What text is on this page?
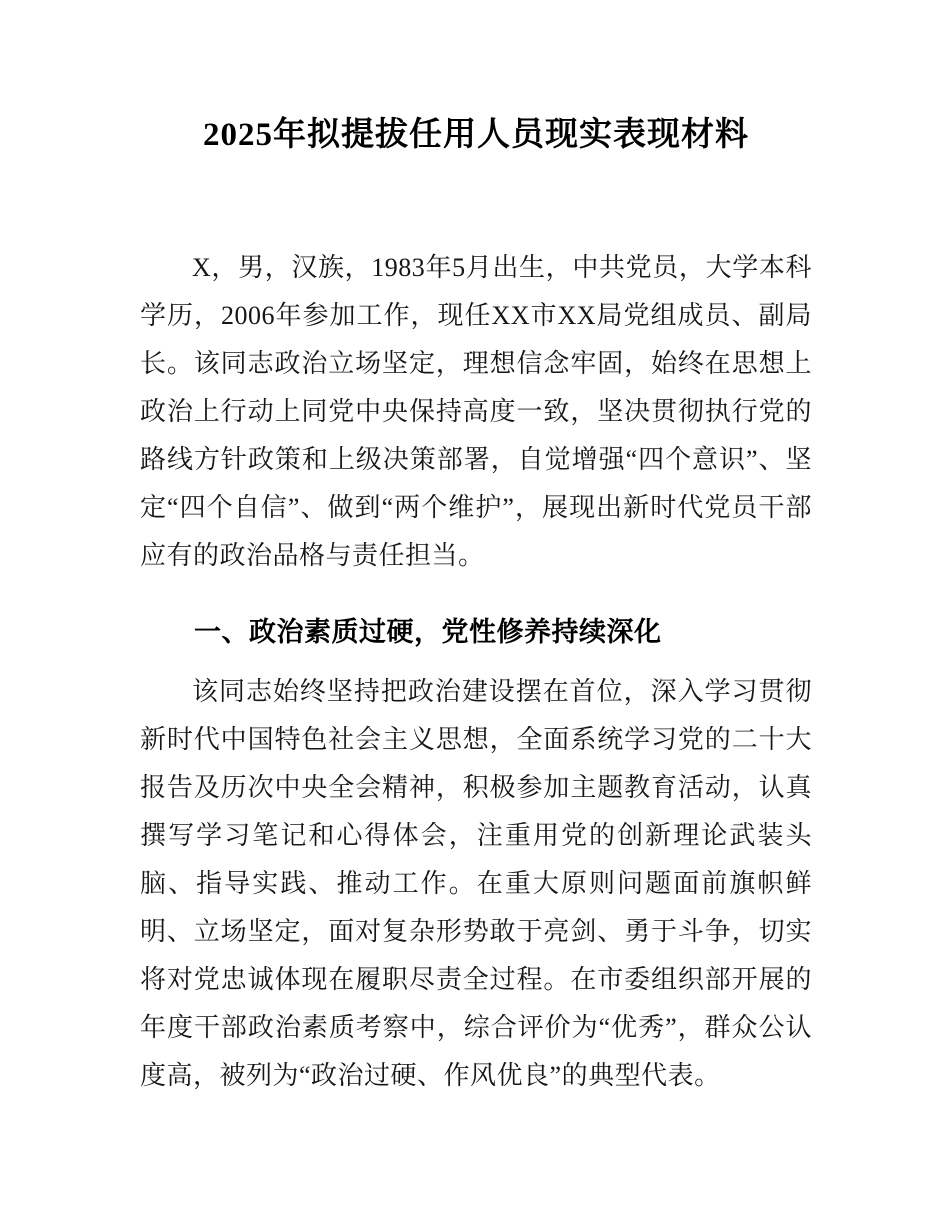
2025年拟提拔任用人员现实表现材料

X，男，汉族，1983年5月出生，中共党员，大学本科学历，2006年参加工作，现任XX市XX局党组成员、副局长。该同志政治立场坚定，理想信念牢固，始终在思想上政治上行动上同党中央保持高度一致，坚决贯彻执行党的路线方针政策和上级决策部署，自觉增强“四个意识”、坚定“四个自信”、做到“两个维护”，展现出新时代党员干部应有的政治品格与责任担当。

一、政治素质过硬，党性修养持续深化

该同志始终坚持把政治建设摆在首位，深入学习贯彻新时代中国特色社会主义思想，全面系统学习党的二十大报告及历次中央全会精神，积极参加主题教育活动，认真撰写学习笔记和心得体会，注重用党的创新理论武装头脑、指导实践、推动工作。在重大原则问题面前旗帜鲜明、立场坚定，面对复杂形势敢于亮剑、勇于斗争，切实将对党忠诚体现在履职尽责全过程。在市委组织部开展的年度干部政治素质考察中，综合评价为“优秀”，群众公认度高，被列为“政治过硬、作风优良”的典型代表。
